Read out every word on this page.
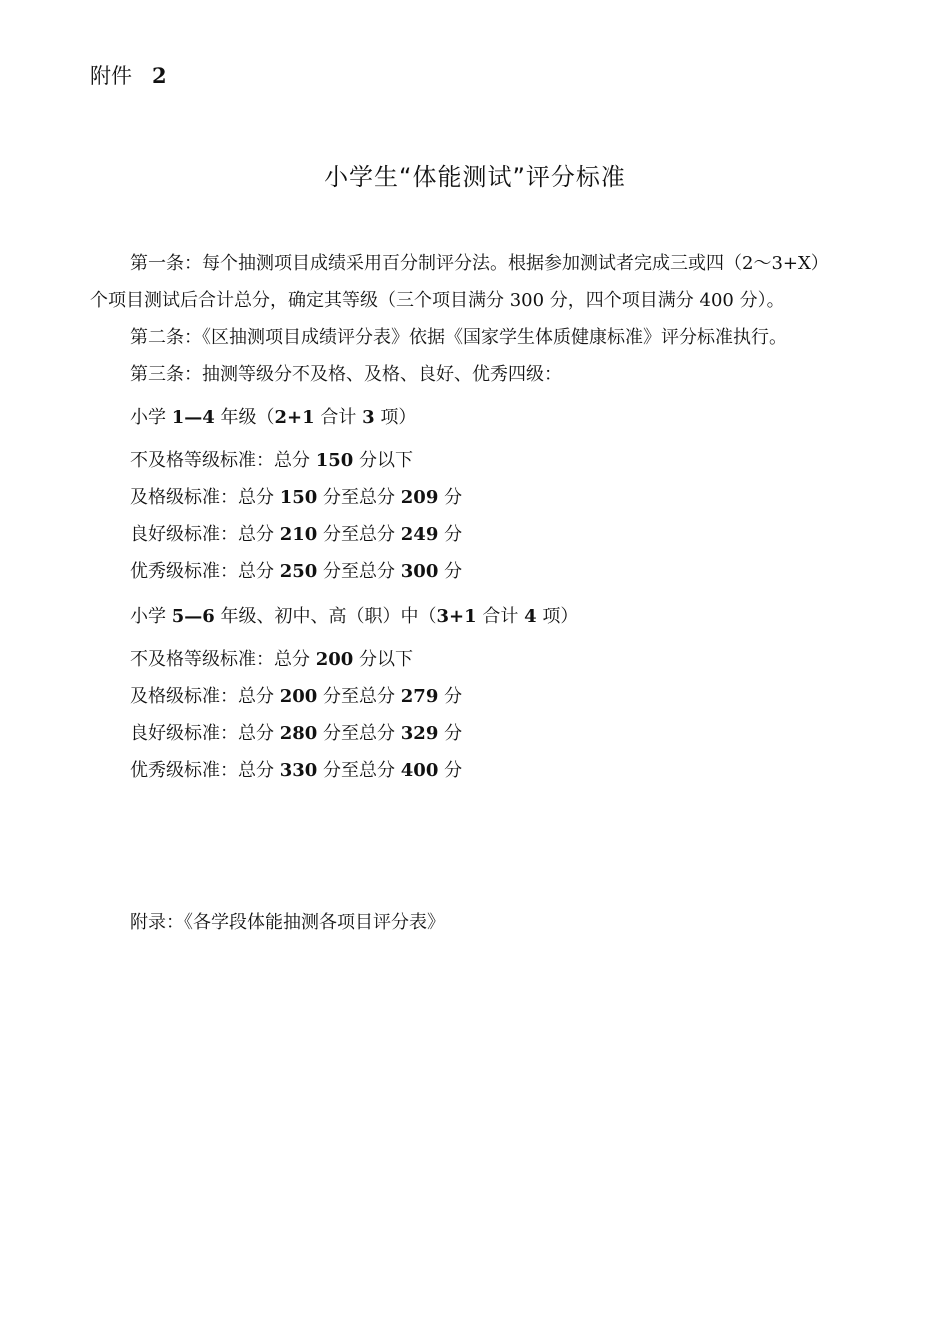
附件 2
小学生“体能测试”评分标准
第一条：每个抽测项目成绩采用百分制评分法。根据参加测试者完成三或四（2～3+X）
个项目测试后合计总分，确定其等级（三个项目满分 300 分，四个项目满分 400 分）。
第二条：《区抽测项目成绩评分表》依据《国家学生体质健康标准》评分标准执行。
第三条：抽测等级分不及格、及格、良好、优秀四级：
小学 1—4 年级（2+1 合计 3 项）
不及格等级标准：总分 150 分以下
及格级标准：总分 150 分至总分 209 分
良好级标准：总分 210 分至总分 249 分
优秀级标准：总分 250 分至总分 300 分
小学 5—6 年级、初中、高（职）中（3+1 合计 4 项）
不及格等级标准：总分 200 分以下
及格级标准：总分 200 分至总分 279 分
良好级标准：总分 280 分至总分 329 分
优秀级标准：总分 330 分至总分 400 分
附录：《各学段体能抽测各项目评分表》
